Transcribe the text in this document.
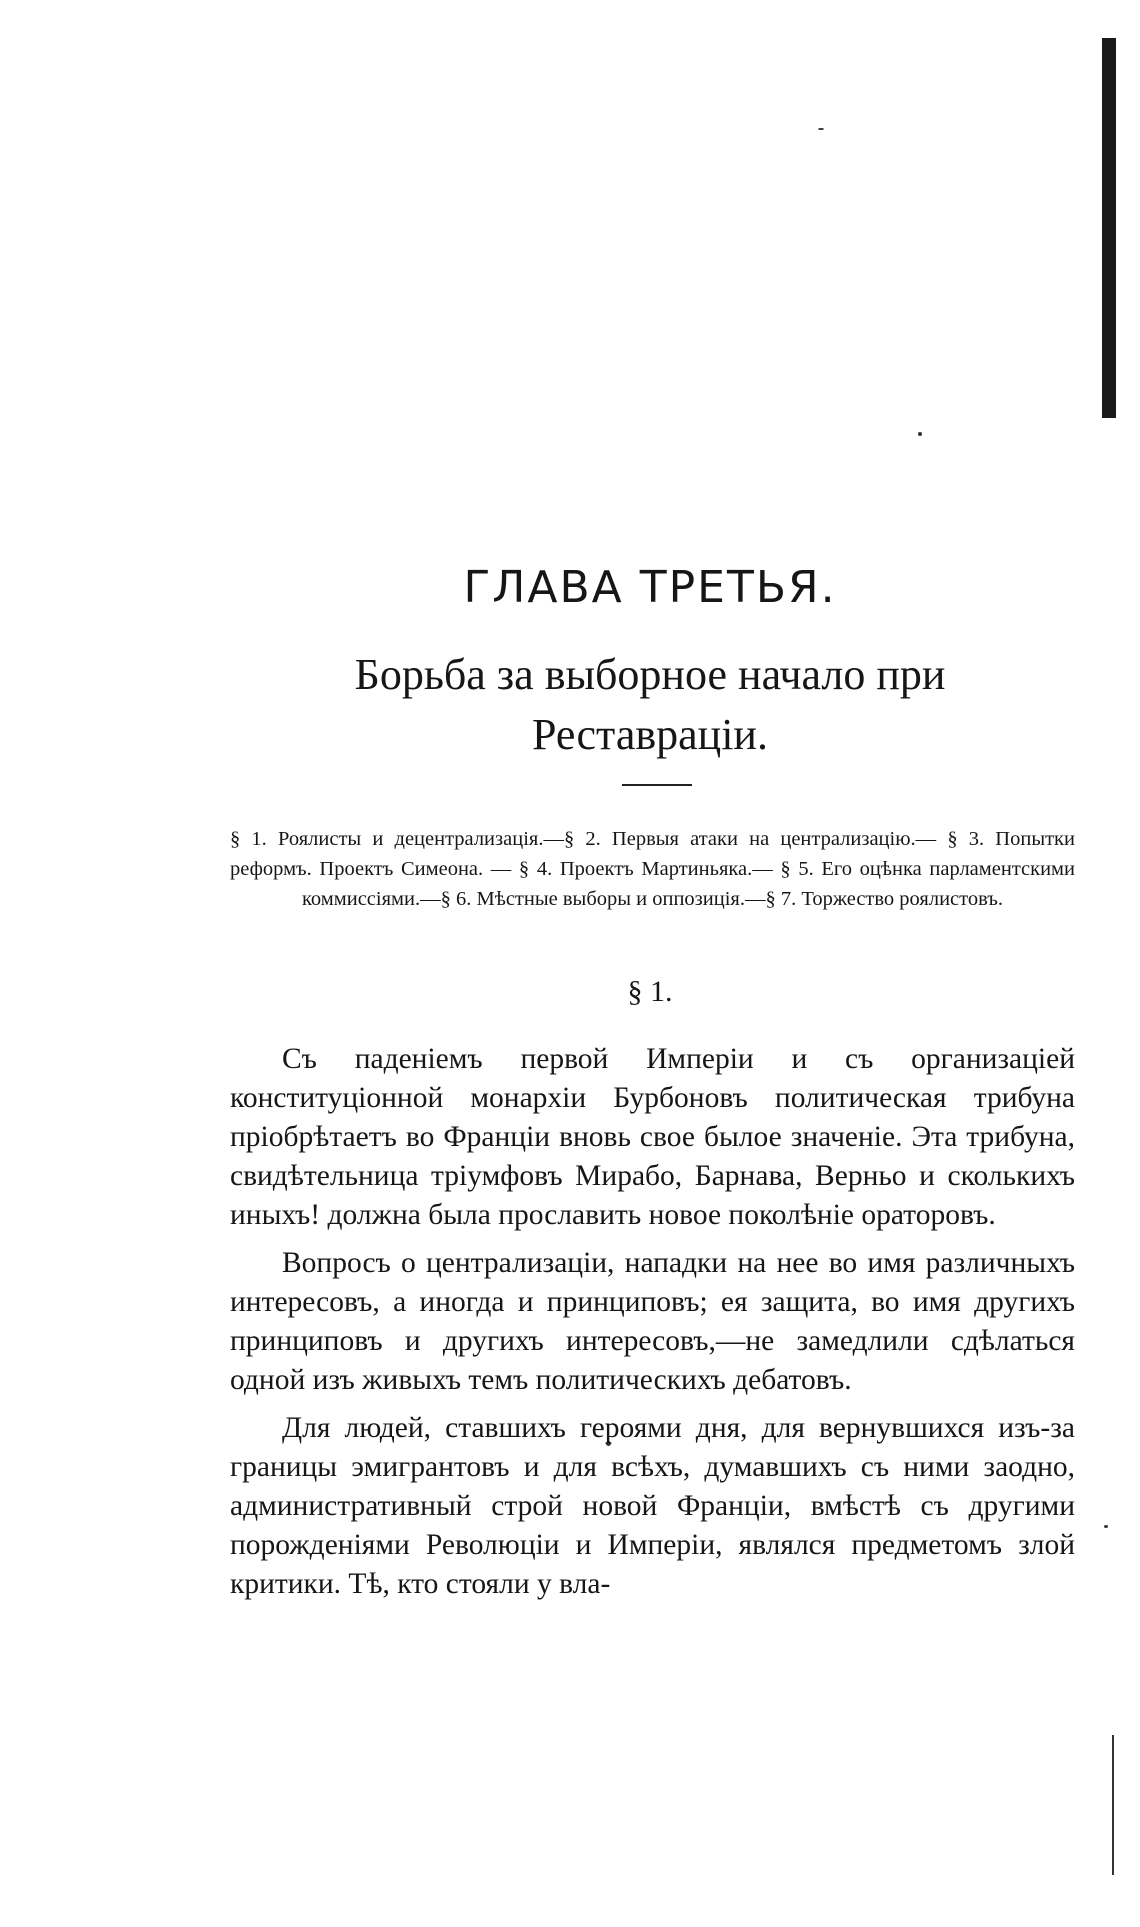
ГЛАВА ТРЕТЬЯ.
Борьба за выборное начало при
Реставраціи.

§ 1. Роялисты и децентрализація.—§ 2. Первыя атаки на централизацію.— § 3. Попытки реформъ. Проектъ Симеона. — § 4. Проектъ Мартиньяка.— § 5. Его оцѣнка парламентскими коммиссіями.—§ 6. Мѣстные выборы и оппозиція.—§ 7. Торжество роялистовъ.

§ 1.

Съ паденіемъ первой Имперіи и съ организаціей конституціонной монархіи Бурбоновъ политическая трибуна пріобрѣтаетъ во Франціи вновь свое былое значеніе. Эта трибуна, свидѣтельница тріумфовъ Мирабо, Барнава, Верньо и сколькихъ иныхъ! должна была прославить новое поколѣніе ораторовъ.

Вопросъ о централизаціи, нападки на нее во имя различныхъ интересовъ, а иногда и принциповъ; ея защита, во имя другихъ принциповъ и другихъ интересовъ,—не замедлили сдѣлаться одной изъ живыхъ темъ политическихъ дебатовъ.

Для людей, ставшихъ героями дня, для вернувшихся изъ-за границы эмигрантовъ и для всѣхъ, думавшихъ съ ними заодно, административный строй новой Франціи, вмѣстѣ съ другими порожденіями Революціи и Имперіи, являлся предметомъ злой критики. Тѣ, кто стояли у вла-
